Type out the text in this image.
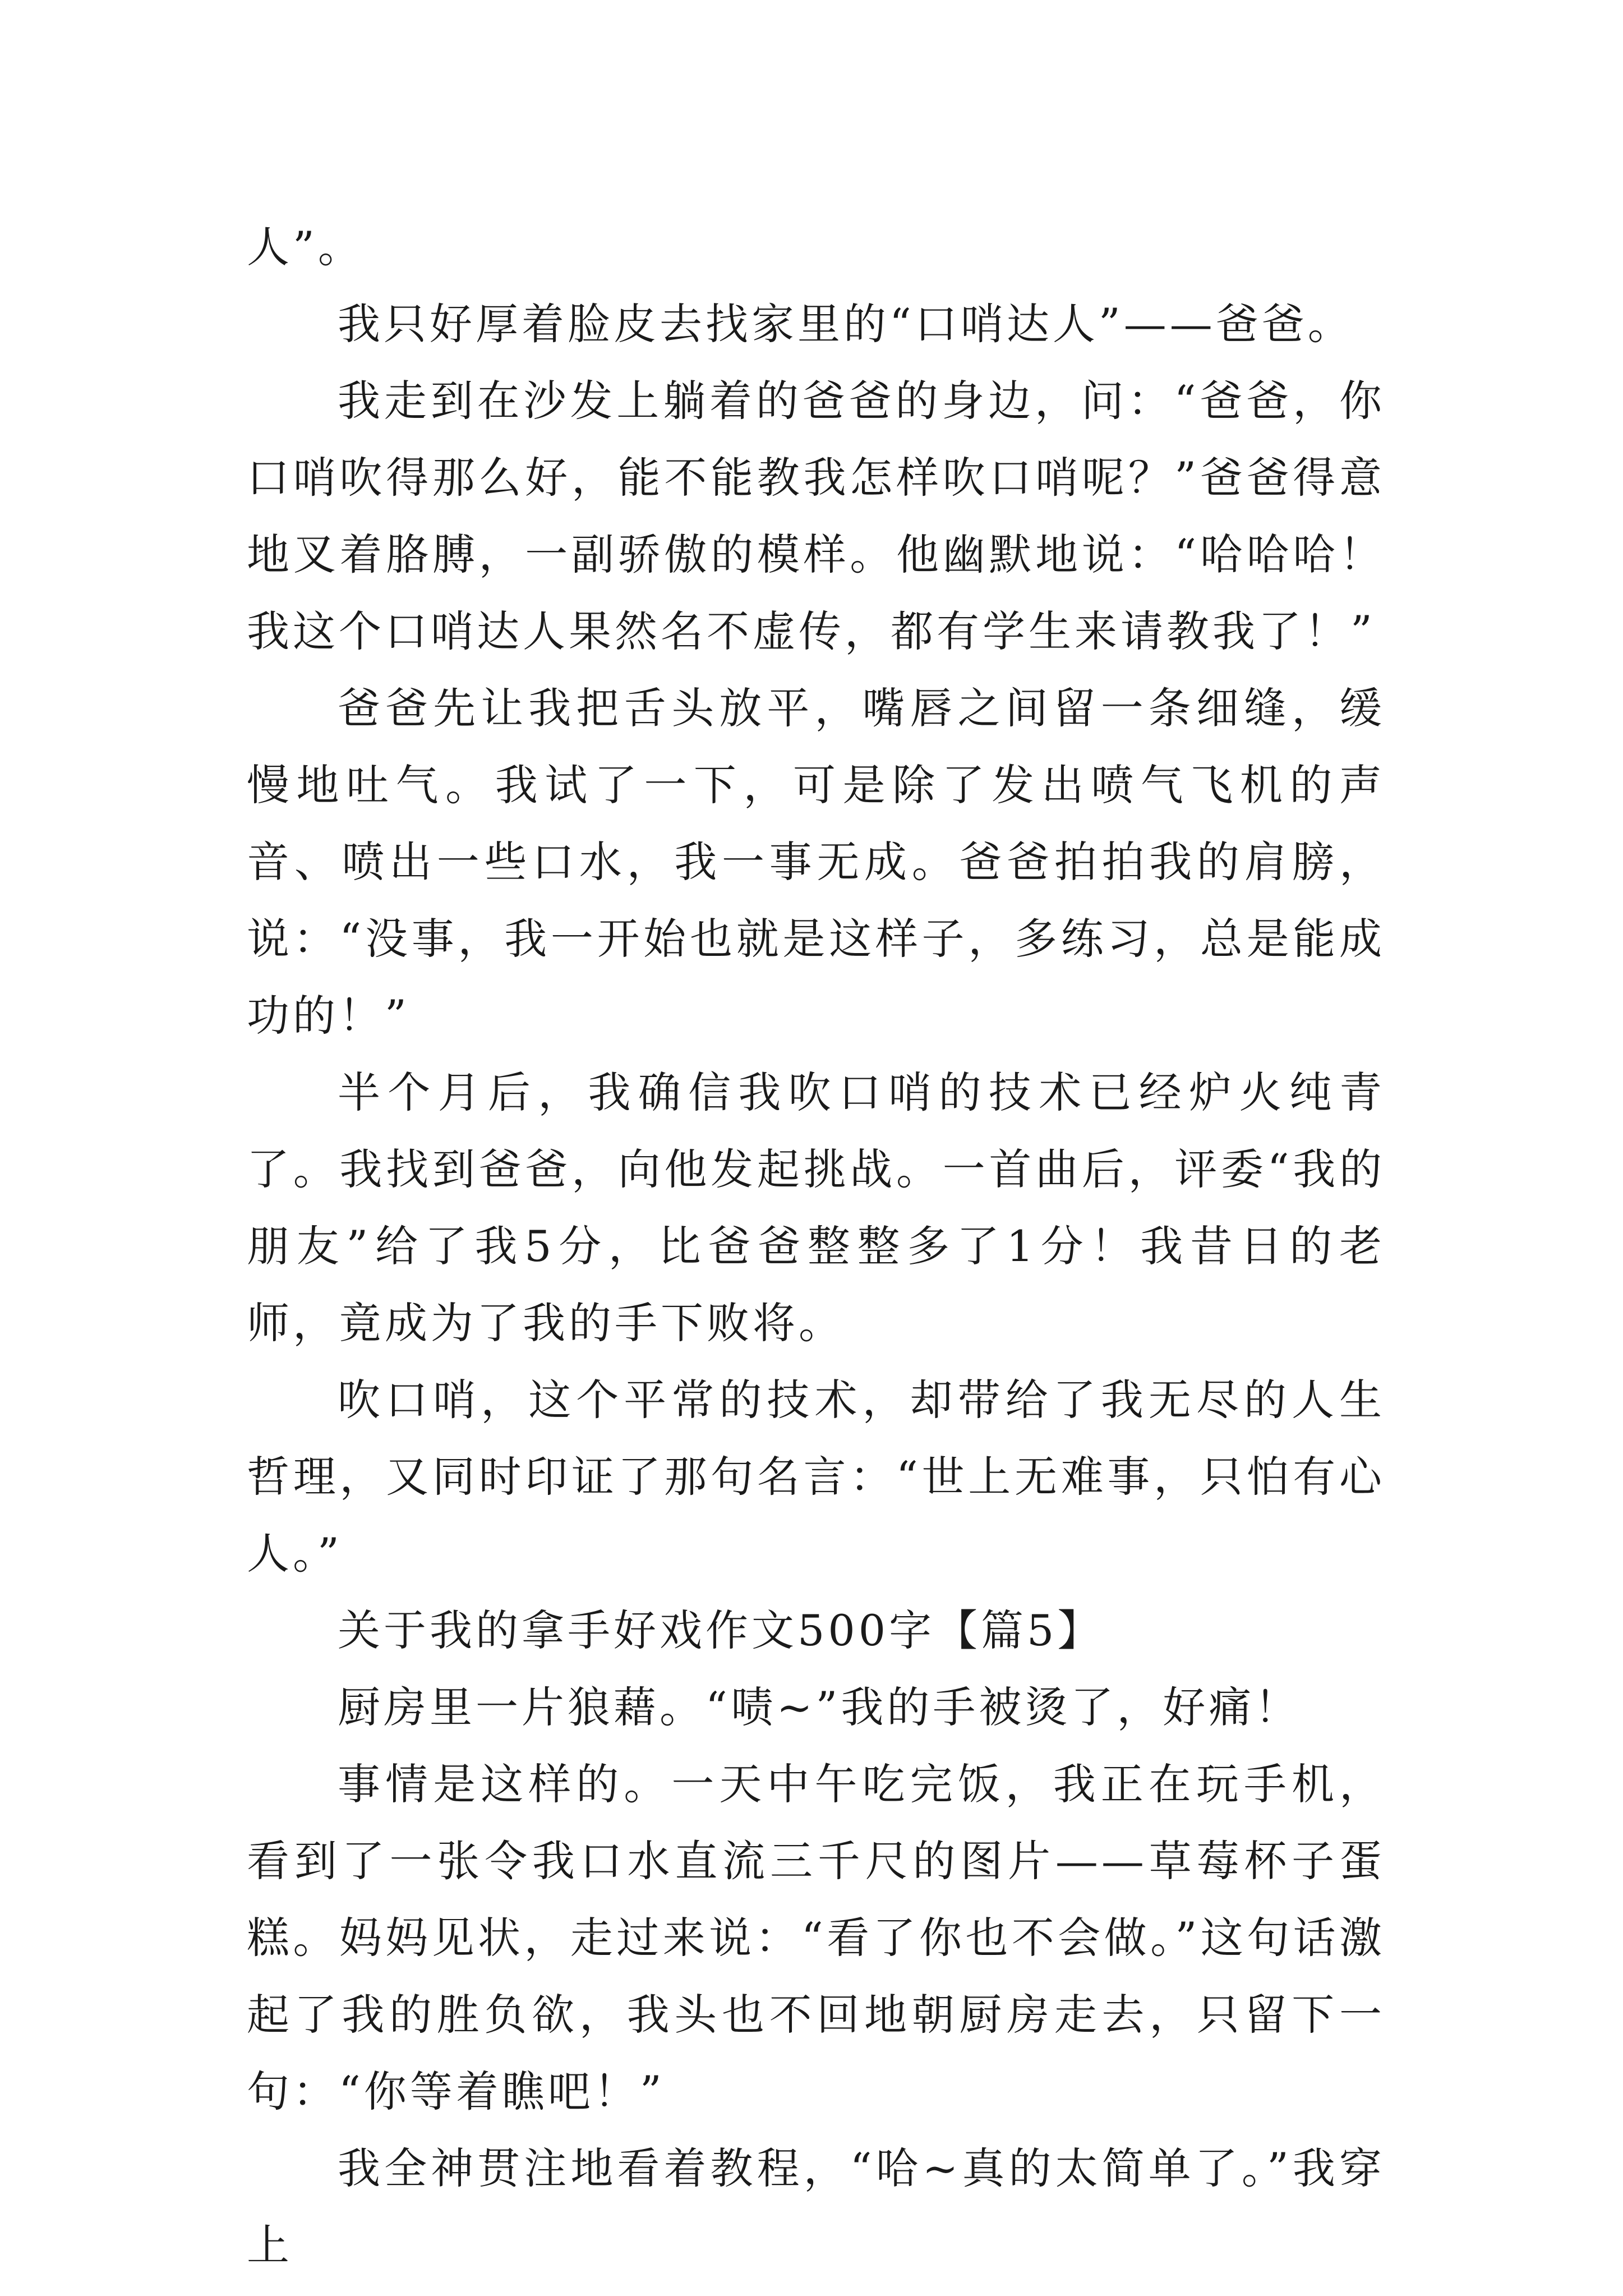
人”。

我只好厚着脸皮去找家里的“口哨达人”——爸爸。

我走到在沙发上躺着的爸爸的身边，问：“爸爸，你口哨吹得那么好，能不能教我怎样吹口哨呢？”爸爸得意地叉着胳膊，一副骄傲的模样。他幽默地说：“哈哈哈！我这个口哨达人果然名不虚传，都有学生来请教我了！”

爸爸先让我把舌头放平，嘴唇之间留一条细缝，缓慢地吐气。我试了一下，可是除了发出喷气飞机的声音、喷出一些口水，我一事无成。爸爸拍拍我的肩膀，说：“没事，我一开始也就是这样子，多练习，总是能成功的！”

半个月后，我确信我吹口哨的技术已经炉火纯青了。我找到爸爸，向他发起挑战。一首曲后，评委“我的朋友”给了我5分，比爸爸整整多了1分！我昔日的老师，竟成为了我的手下败将。

吹口哨，这个平常的技术，却带给了我无尽的人生哲理，又同时印证了那句名言：“世上无难事，只怕有心人。”

关于我的拿手好戏作文500字【篇5】

厨房里一片狼藉。“啧~”我的手被烫了，好痛！

事情是这样的。一天中午吃完饭，我正在玩手机，看到了一张令我口水直流三千尺的图片——草莓杯子蛋糕。妈妈见状，走过来说：“看了你也不会做。”这句话激起了我的胜负欲，我头也不回地朝厨房走去，只留下一句：“你等着瞧吧！”

我全神贯注地看着教程，“哈~真的太简单了。”我穿上
